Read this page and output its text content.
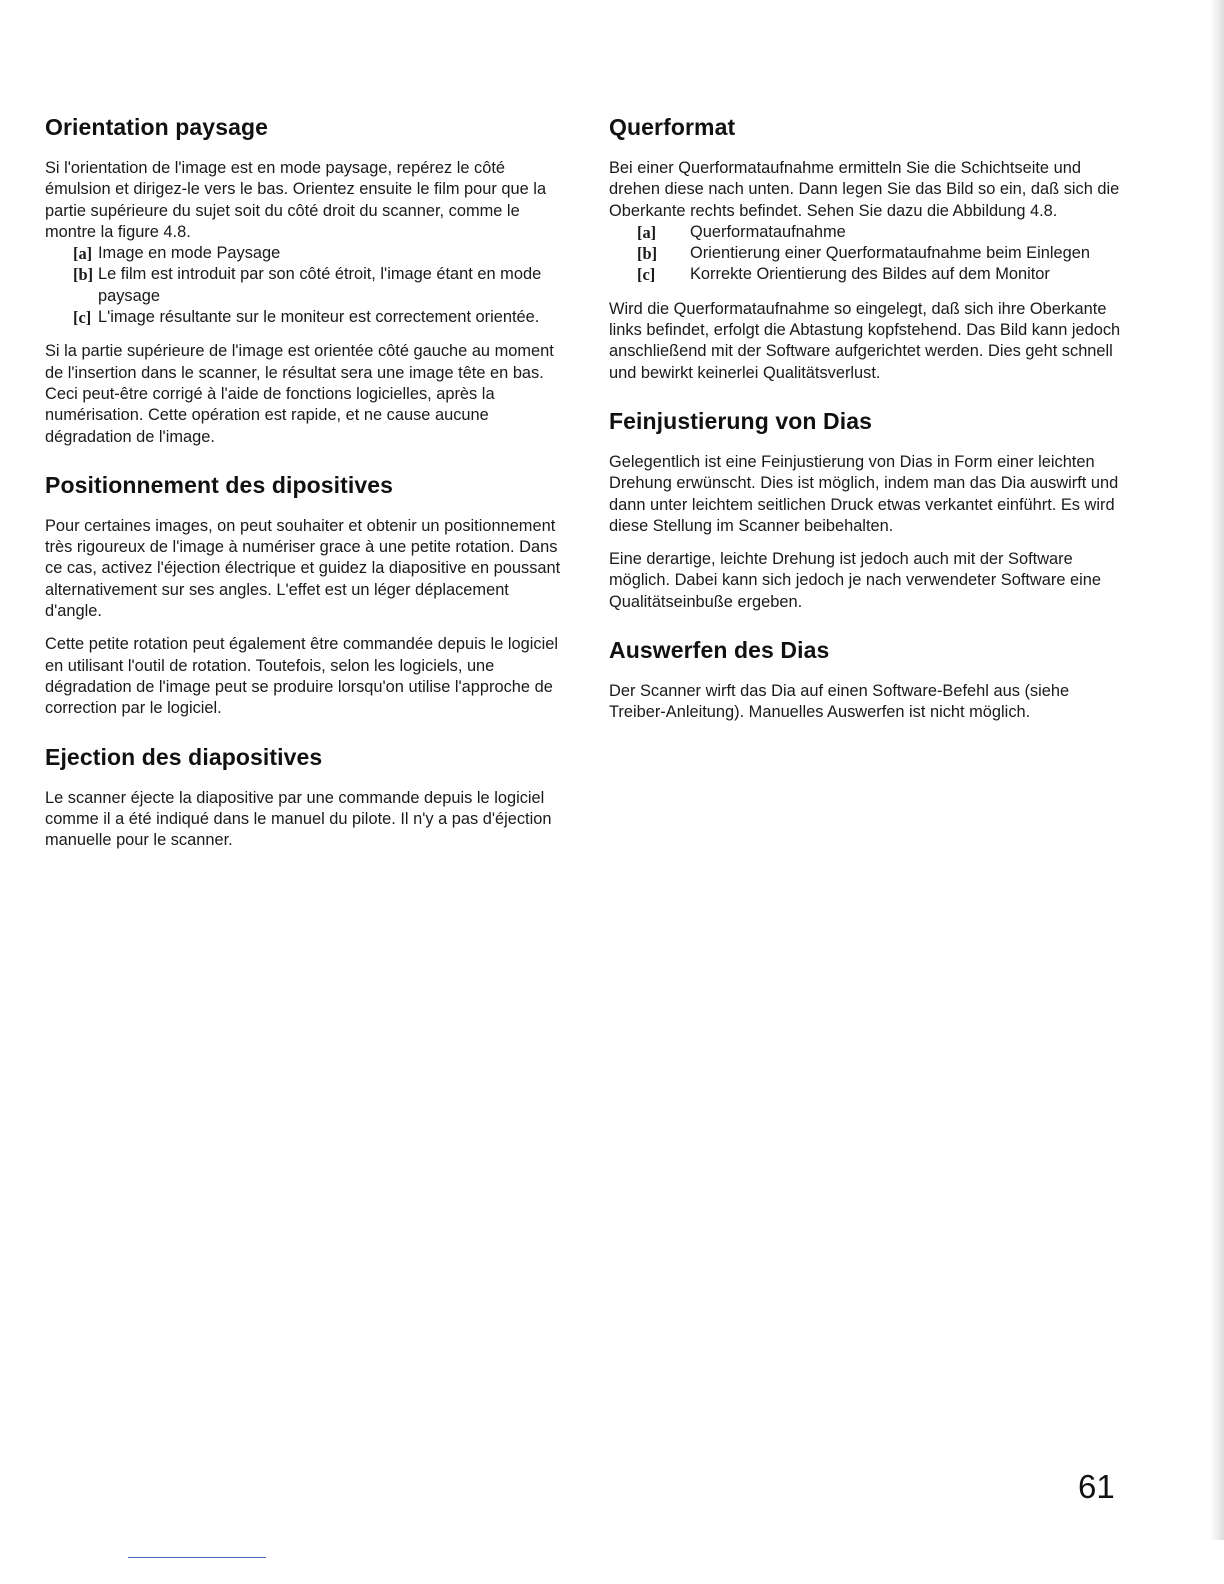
Orientation paysage

Si l'orientation de l'image est en mode paysage, repérez le côté émulsion et dirigez-le vers le bas. Orientez ensuite le film pour que la partie supérieure du sujet soit du côté droit du scanner, comme le montre la figure 4.8.

[a] Image en mode Paysage
[b] Le film est introduit par son côté étroit, l'image étant en mode paysage
[c] L'image résultante sur le moniteur est correctement orientée.

Si la partie supérieure de l'image est orientée côté gauche au moment de l'insertion dans le scanner, le résultat sera une image tête en bas. Ceci peut-être corrigé à l'aide de fonctions logicielles, après la numérisation. Cette opération est rapide, et ne cause aucune dégradation de l'image.

Positionnement des dipositives

Pour certaines images, on peut souhaiter et obtenir un positionnement très rigoureux de l'image à numériser grace à une petite rotation. Dans ce cas, activez l'éjection électrique et guidez la diapositive en poussant alternativement sur ses angles. L'effet est un léger déplacement d'angle.

Cette petite rotation peut également être commandée depuis le logiciel en utilisant l'outil de rotation. Toutefois, selon les logiciels, une dégradation de l'image peut se produire lorsqu'on utilise l'approche de correction par le logiciel.

Ejection des diapositives

Le scanner éjecte la diapositive par une commande depuis le logiciel comme il a été indiqué dans le manuel du pilote. Il n'y a pas d'éjection manuelle pour le scanner.

Querformat

Bei einer Querformataufnahme ermitteln Sie die Schichtseite und drehen diese nach unten. Dann legen Sie das Bild so ein, daß sich die Oberkante rechts befindet. Sehen Sie dazu die Abbildung 4.8.

[a]	Querformataufnahme
[b]	Orientierung einer Querformataufnahme beim Einlegen
[c]	Korrekte Orientierung des Bildes auf dem Monitor

Wird die Querformataufnahme so eingelegt, daß sich ihre Oberkante links befindet, erfolgt die Abtastung kopfstehend. Das Bild kann jedoch anschließend mit der Software aufgerichtet werden. Dies geht schnell und bewirkt keinerlei Qualitätsverlust.

Feinjustierung von Dias

Gelegentlich ist eine Feinjustierung von Dias in Form einer leichten Drehung erwünscht. Dies ist möglich, indem man das Dia auswirft und dann unter leichtem seitlichen Druck etwas verkantet einführt. Es wird diese Stellung im Scanner beibehalten.

Eine derartige, leichte Drehung ist jedoch auch mit der Software möglich. Dabei kann sich jedoch je nach verwendeter Software eine Qualitätseinbuße ergeben.

Auswerfen des Dias

Der Scanner wirft das Dia auf einen Software-Befehl aus (siehe Treiber-Anleitung). Manuelles Auswerfen ist nicht möglich.

61
